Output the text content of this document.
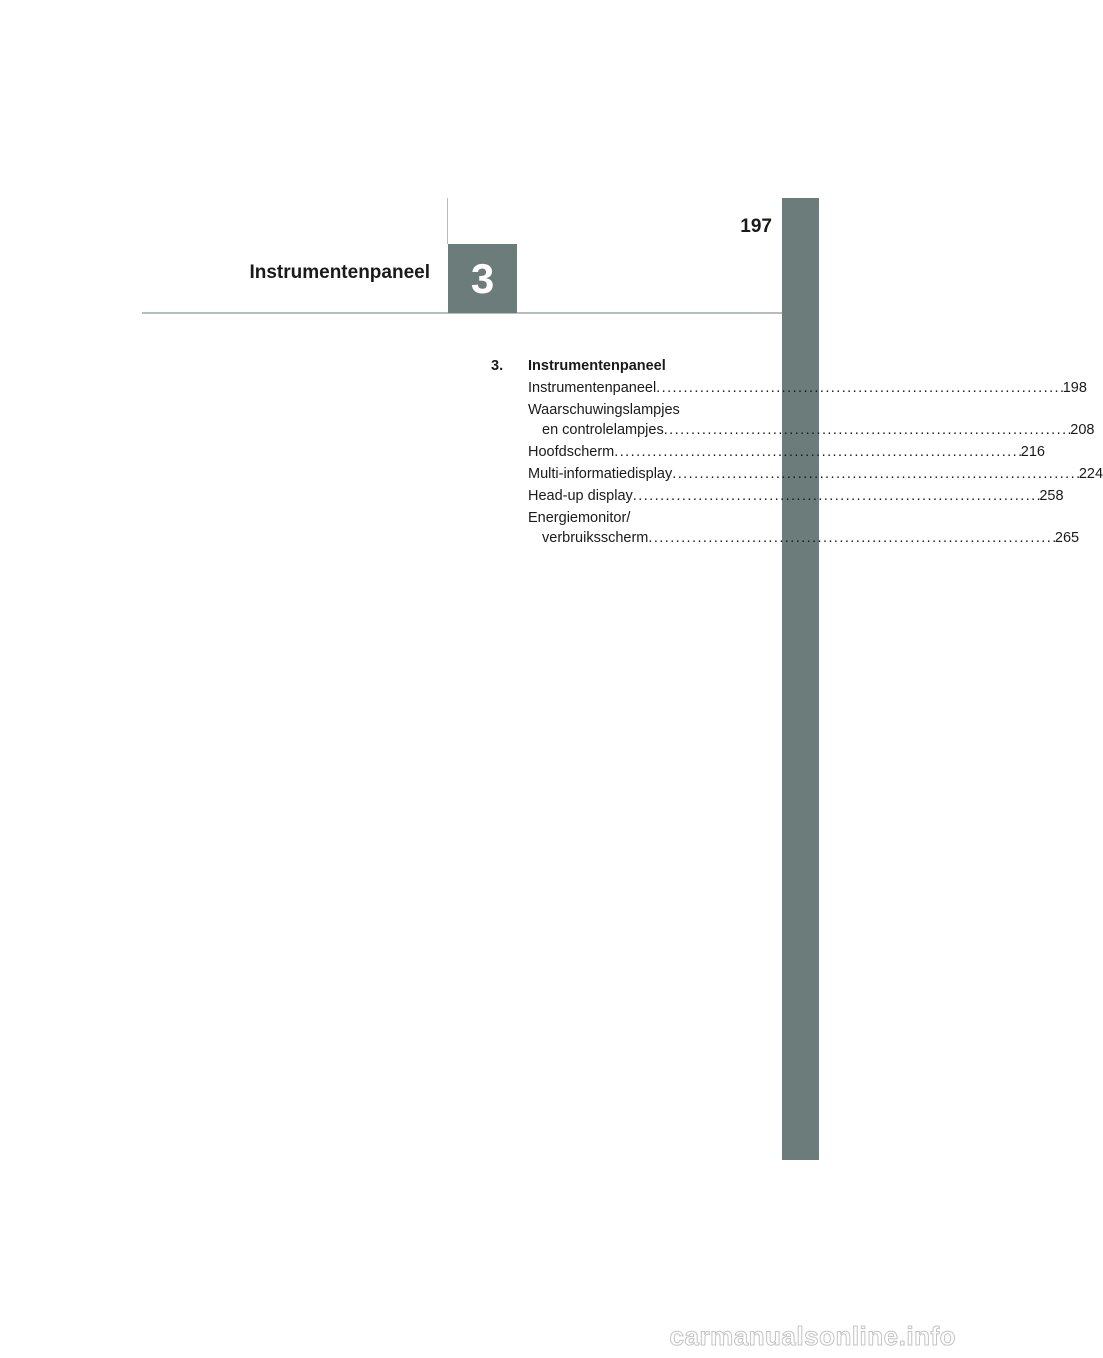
197
Instrumentenpaneel 3
3.	Instrumentenpaneel
Instrumentenpaneel . . .	198
Waarschuwingslampjes
en controlelampjes . . .	208
Hoofdscherm . . .	216
Multi-informatiedisplay . . .	224
Head-up display . . .	258
Energiemonitor/
verbruiksscherm . . .	265
carmanualsonline.info
